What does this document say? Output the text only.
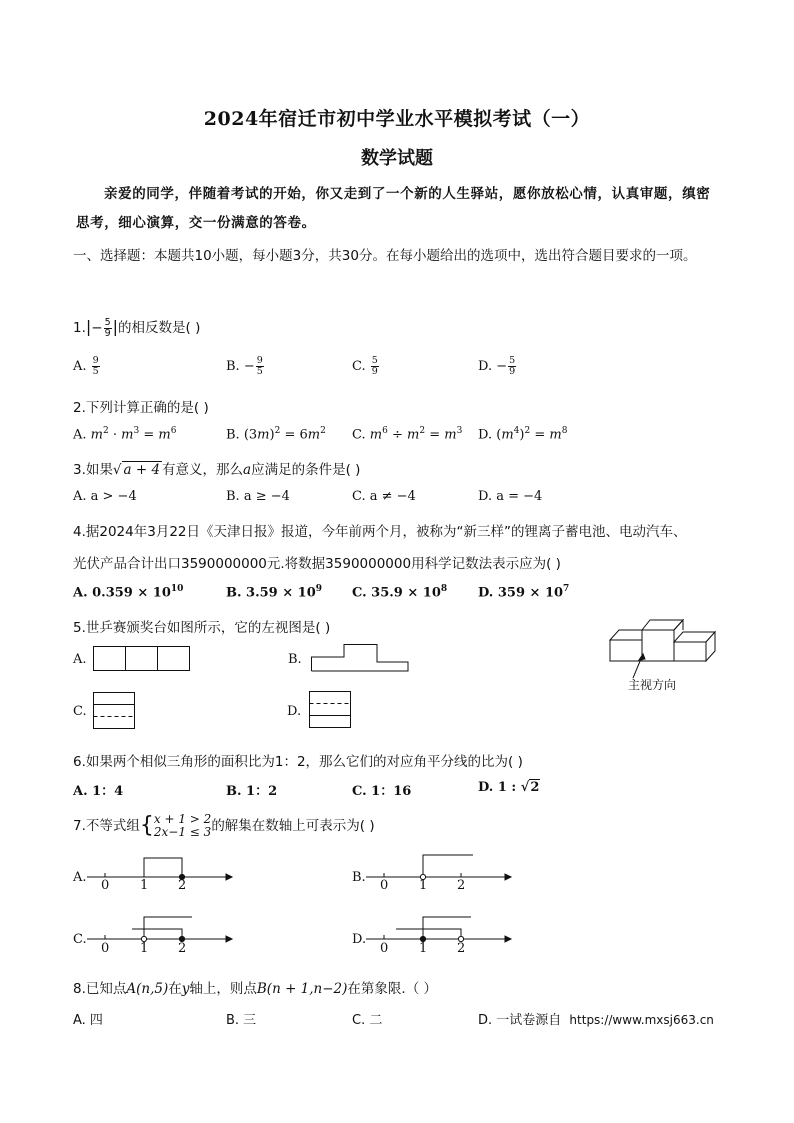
2024年宿迁市初中学业水平模拟考试（一）
数学试题
亲爱的同学，伴随着考试的开始，你又走到了一个新的人生驿站，愿你放松心情，认真审题，缜密思考，细心演算，交一份满意的答卷。
一、选择题：本题共10小题，每小题3分，共30分。在每小题给出的选项中，选出符合题目要求的一项。
$1.|- \frac{5}{9}$ |的相反数是( )
A. $\frac{9}{5}$	B. − $\frac{9}{5}$	C. $\frac{5}{9}$	D. − $\frac{5}{9}$
2.下列计算正确的是( )
A. $m^2 \cdot m^3 = m^6$	B. $(3m)^2 = 6m^2$ C. $m^6 \div m^2 = m^3$ D. $(m^4)^2 = m^8$
3.如果√ a + 4 有意义，那么a应满足的条件是( )
A. a > −4	B. a ≥ −4	C. a ≠ −4	D. a = −4
4.据2024年3月22日《天津日报》报道，今年前两个月，被称为“新三样”的锂离子蓄电池、电动汽车、
光伏产品合计出口3590000000元.将数据3590000000用科学记数法表示应为( )
A. $0.359 \times 10^{10}$	B. $3.59 \times 10^9$ C. $35.9 \times 10^8$ D. $359 \times 10^7$
5.世乒赛颁奖台如图所示，它的左视图是( )
主视方向
A.	B.
C.	D.
6.如果两个相似三角形的面积比为1：2，那么它们的对应角平分线的比为( )
A. 1：4	B. 1：2	C. 1：16	D. 1 : √2
7.不等式组{ x + 1 > 2
2x−1 ≤ 3 的解集在数轴上可表示为( )
A.
0 1 2
B.
0 1 2
C.
0 1 2
D.
0 1 2
8.已知点A(n,5)在y轴上，则点B(n + 1,n−2)在第象限.（ ）
A. 四	B. 三	C. 二	D. 一试卷源自 https://www.mxsj663.cn
